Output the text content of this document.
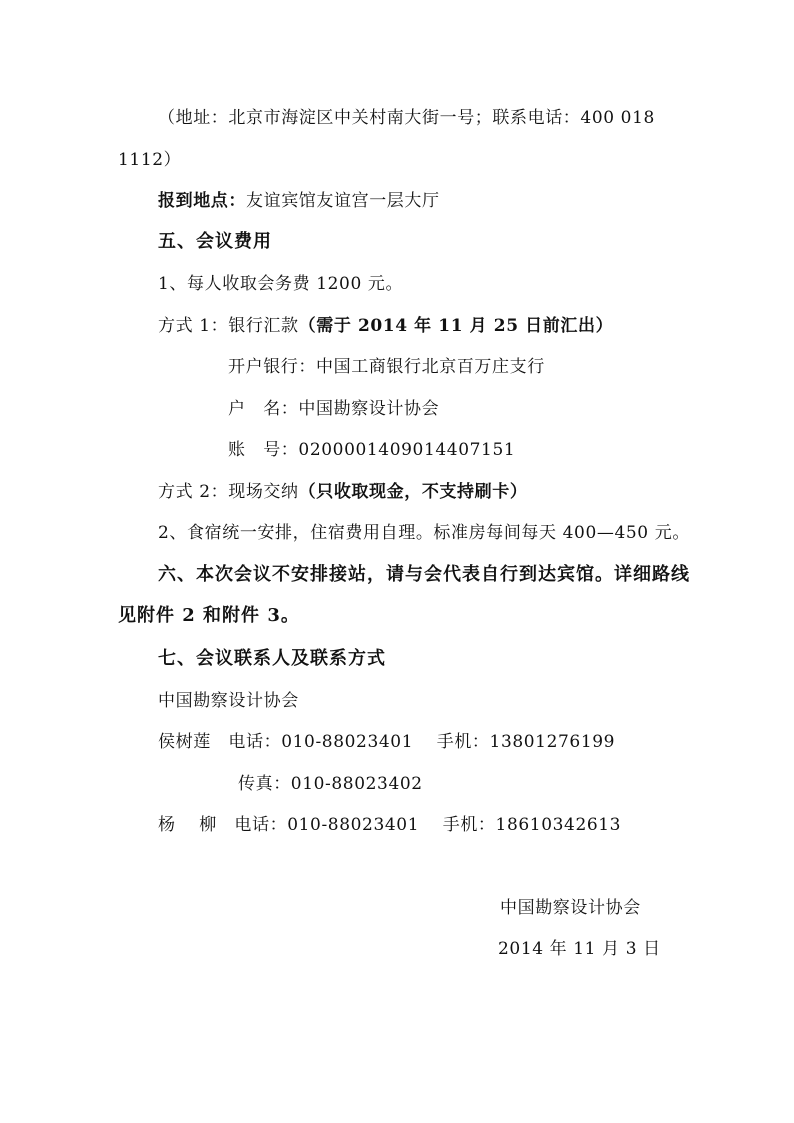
（地址：北京市海淀区中关村南大街一号；联系电话：400 018
1112）
报到地点：友谊宾馆友谊宫一层大厅
五、会议费用
1、每人收取会务费 1200 元。
方式 1：银行汇款（需于 2014 年 11 月 25 日前汇出）
开户银行：中国工商银行北京百万庄支行
户　名：中国勘察设计协会
账　号：0200001409014407151
方式 2：现场交纳（只收取现金，不支持刷卡）
2、食宿统一安排，住宿费用自理。标准房每间每天 400—450 元。
六、本次会议不安排接站，请与会代表自行到达宾馆。详细路线
见附件 2 和附件 3。
七、会议联系人及联系方式
中国勘察设计协会
侯树莲　电话：010-88023401　 手机：13801276199
传真：010-88023402
杨　 柳　电话：010-88023401　 手机：18610342613
中国勘察设计协会
2014 年 11 月 3 日
